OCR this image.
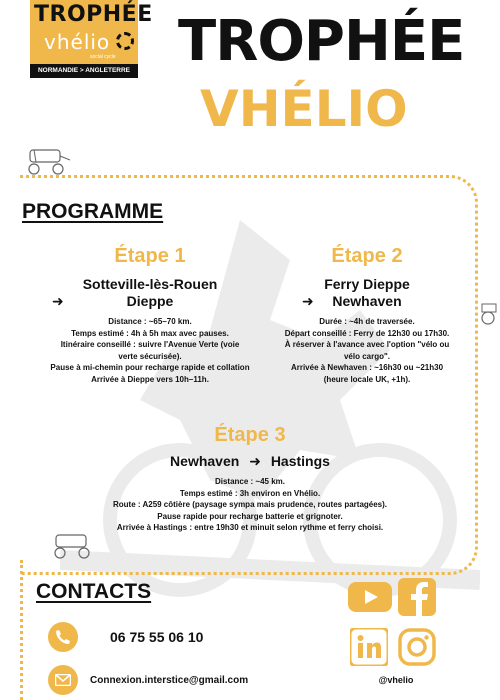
TROPHÉE
vhélio
social cycle
NORMANDIE > ANGLETERRE TROPHÉE
VHÉLIO
PROGRAMME
Étape 1
Sotteville-lès-Rouen
➜	Dieppe
Distance : ~65–70 km.
Temps estimé : 4h à 5h max avec pauses.
Itinéraire conseillé : suivre l'Avenue Verte (voie
verte sécurisée).
Pause à mi-chemin pour recharge rapide et collation
Arrivée à Dieppe vers 10h–11h.
Étape 2
Ferry Dieppe
➜ Newhaven
Durée : ~4h de traversée.
Départ conseillé : Ferry de 12h30 ou 17h30.
À réserver à l'avance avec l'option "vélo ou
vélo cargo".
Arrivée à Newhaven : ~16h30 ou ~21h30
(heure locale UK, +1h).
Étape 3
Newhaven ➜ Hastings
Distance : ~45 km.
Temps estimé : 3h environ en Vhélio.
Route : A259 côtière (paysage sympa mais prudence, routes partagées).
Pause rapide pour recharge batterie et grignoter.
Arrivée à Hastings : entre 19h30 et minuit selon rythme et ferry choisi.
CONTACTS
06 75 55 06 10
Connexion.interstice@gmail.com	@vhelio
